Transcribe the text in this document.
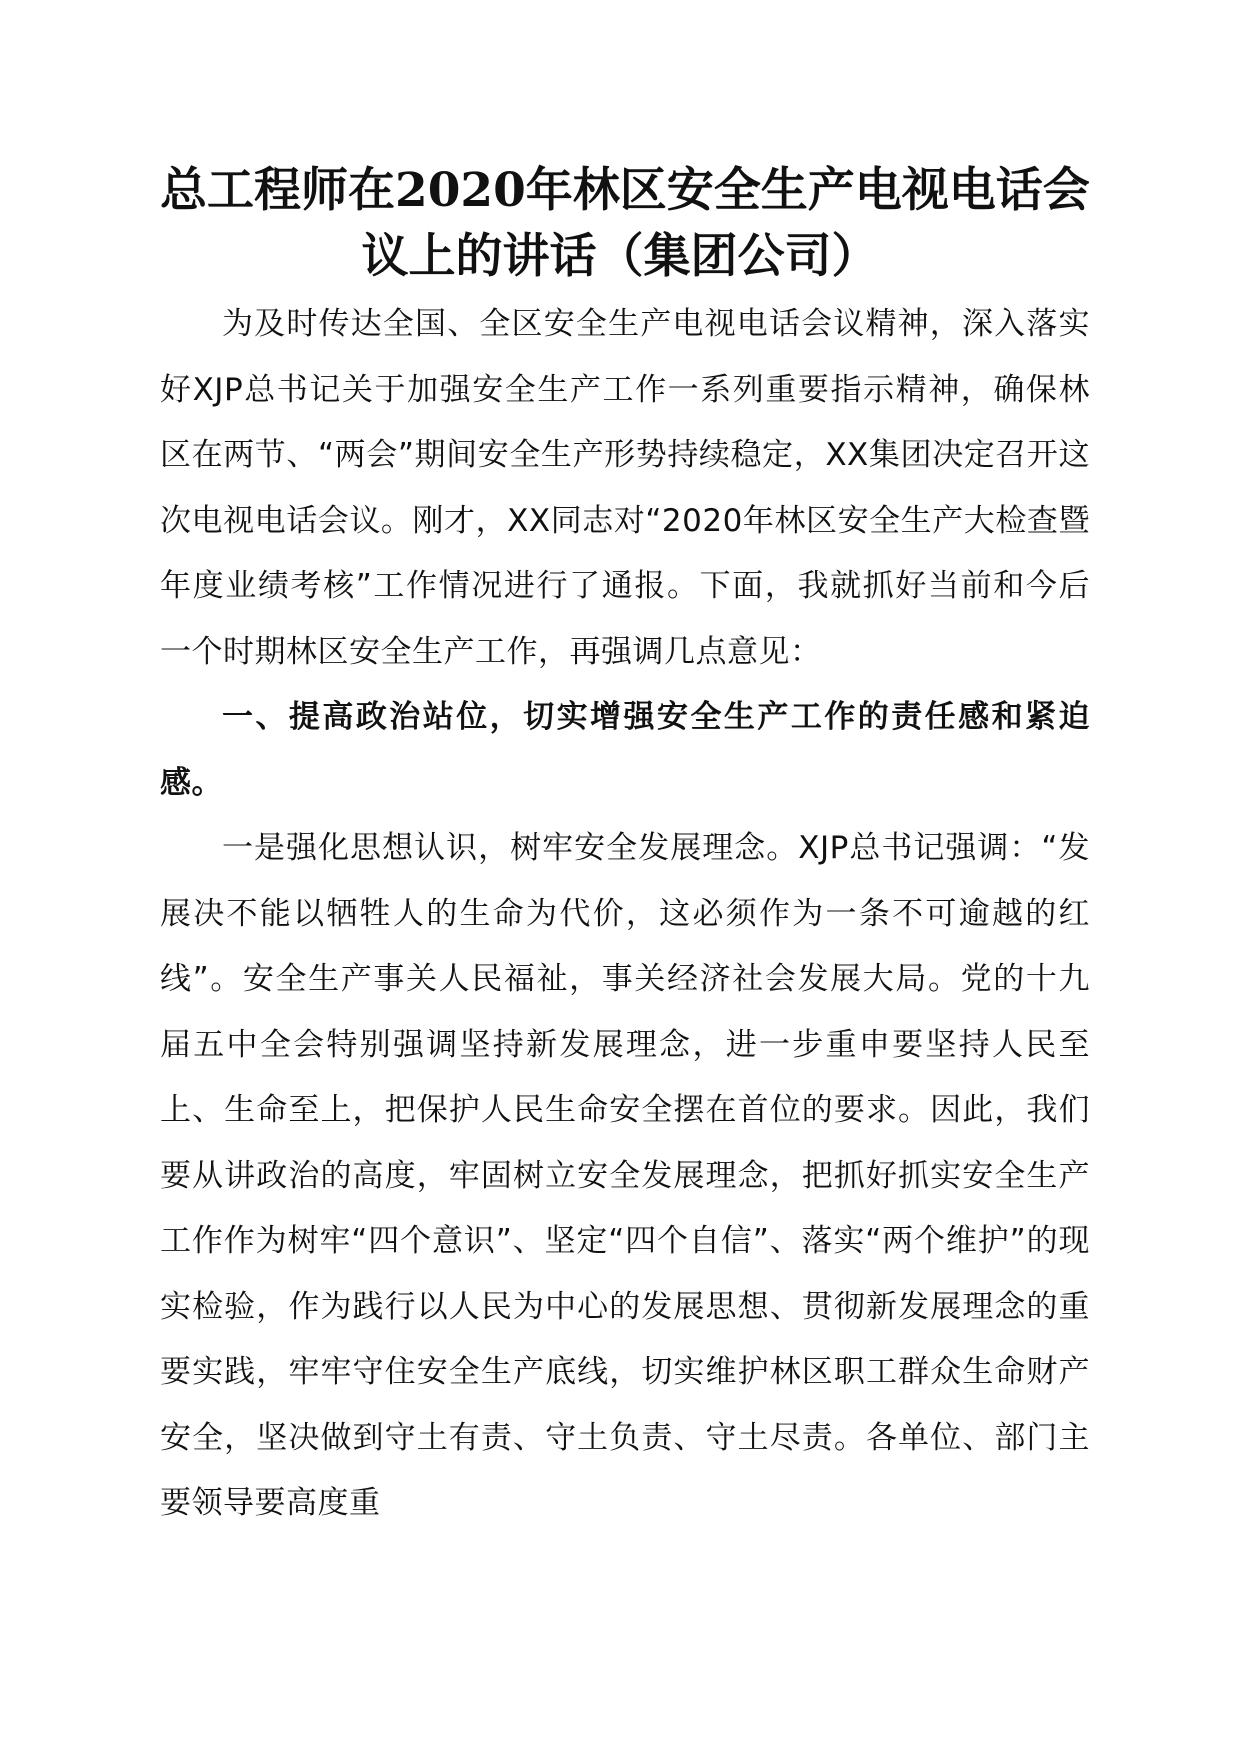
总工程师在2020年林区安全生产电视电话会
议上的讲话（集团公司）

为及时传达全国、全区安全生产电视电话会议精神，深入落实好XJP总书记关于加强安全生产工作一系列重要指示精神，确保林区在两节、“两会”期间安全生产形势持续稳定，XX集团决定召开这次电视电话会议。刚才，XX同志对“2020年林区安全生产大检查暨年度业绩考核”工作情况进行了通报。下面，我就抓好当前和今后一个时期林区安全生产工作，再强调几点意见：

一、提高政治站位，切实增强安全生产工作的责任感和紧迫感。

一是强化思想认识，树牢安全发展理念。XJP总书记强调：“发展决不能以牺牲人的生命为代价，这必须作为一条不可逾越的红线”。安全生产事关人民福祉，事关经济社会发展大局。党的十九届五中全会特别强调坚持新发展理念，进一步重申要坚持人民至上、生命至上，把保护人民生命安全摆在首位的要求。因此，我们要从讲政治的高度，牢固树立安全发展理念，把抓好抓实安全生产工作作为树牢“四个意识”、坚定“四个自信”、落实“两个维护”的现实检验，作为践行以人民为中心的发展思想、贯彻新发展理念的重要实践，牢牢守住安全生产底线，切实维护林区职工群众生命财产安全，坚决做到守土有责、守土负责、守土尽责。各单位、部门主要领导要高度重
